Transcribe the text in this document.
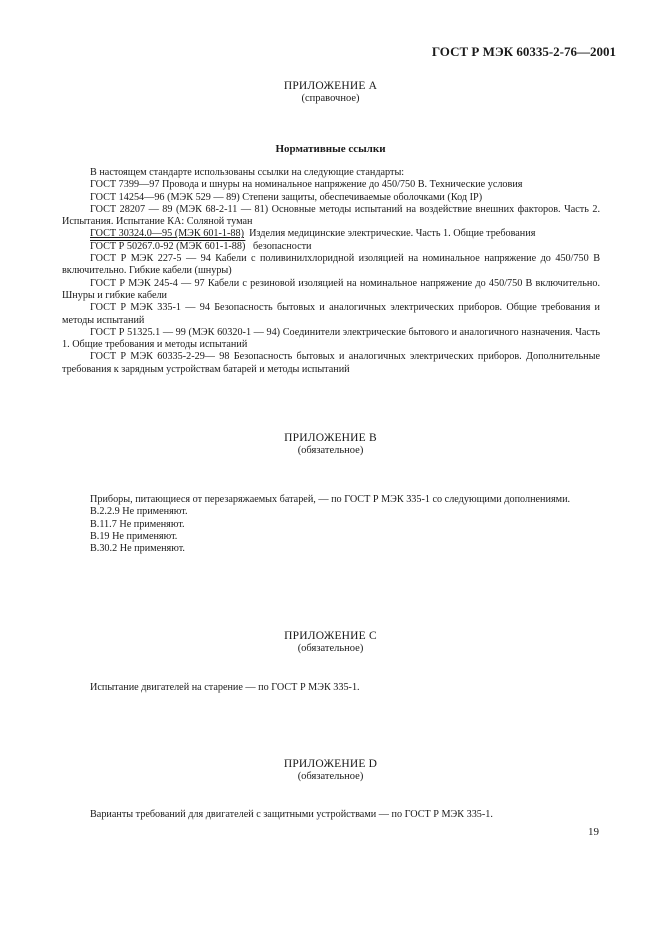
ГОСТ Р МЭК 60335-2-76—2001
ПРИЛОЖЕНИЕ А
(справочное)
Нормативные ссылки

В настоящем стандарте использованы ссылки на следующие стандарты:

ГОСТ 7399—97 Провода и шнуры на номинальное напряжение до 450/750 В. Технические условия

ГОСТ 14254—96 (МЭК 529 — 89) Степени защиты, обеспечиваемые оболочками (Код IP)

ГОСТ 28207 — 89 (МЭК 68-2-11 — 81) Основные методы испытаний на воздействие внешних факторов. Часть 2. Испытания. Испытание КА: Соляной туман

ГОСТ 30324.0—95 (МЭК 601-1-88) Изделия медицинские электрические. Часть 1. Общие требования

ГОСТ Р 50267.0-92 (МЭК 601-1-88) безопасности

ГОСТ Р МЭК 227-5 — 94 Кабели с поливинилхлоридной изоляцией на номинальное напряжение до 450/750 В включительно. Гибкие кабели (шнуры)

ГОСТ Р МЭК 245-4 — 97 Кабели с резиновой изоляцией на номинальное напряжение до 450/750 В включительно. Шнуры и гибкие кабели

ГОСТ Р МЭК 335-1 — 94 Безопасность бытовых и аналогичных электрических приборов. Общие требования и методы испытаний

ГОСТ Р 51325.1 — 99 (МЭК 60320-1 — 94) Соединители электрические бытового и аналогичного назначения. Часть 1. Общие требования и методы испытаний

ГОСТ Р МЭК 60335-2-29— 98 Безопасность бытовых и аналогичных электрических приборов. Дополнительные требования к зарядным устройствам батарей и методы испытаний

ПРИЛОЖЕНИЕ В
(обязательное)

Приборы, питающиеся от перезаряжаемых батарей, — по ГОСТ Р МЭК 335-1 со следующими дополнениями.

В.2.2.9 Не применяют.

В.11.7 Не применяют.

В.19 Не применяют.

В.30.2 Не применяют.

ПРИЛОЖЕНИЕ С
(обязательное)

Испытание двигателей на старение — по ГОСТ Р МЭК 335-1.

ПРИЛОЖЕНИЕ D
(обязательное)

Варианты требований для двигателей с защитными устройствами — по ГОСТ Р МЭК 335-1.

19
